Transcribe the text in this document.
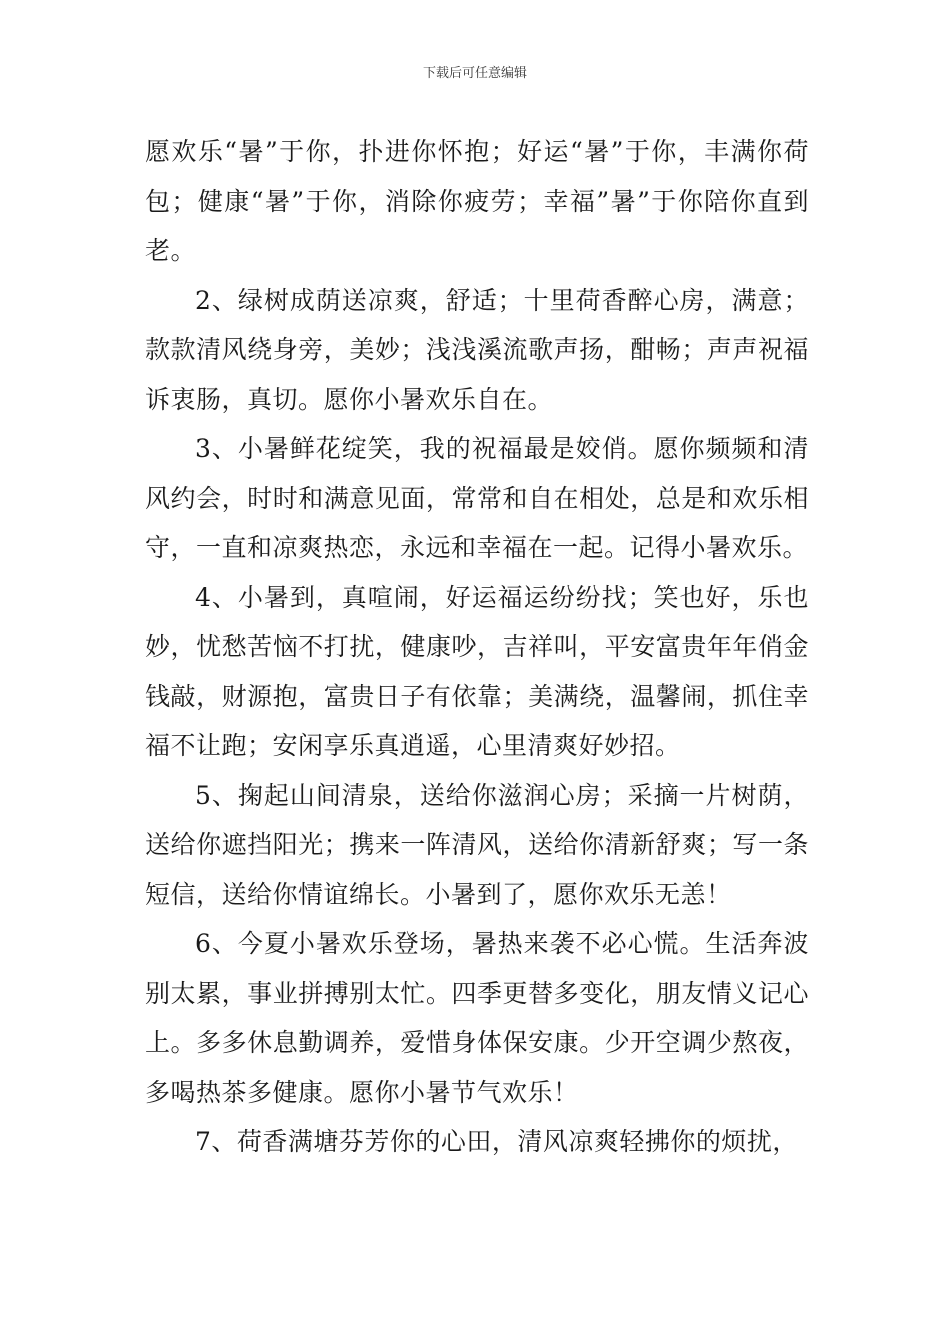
下载后可任意编辑

愿欢乐“暑”于你，扑进你怀抱；好运“暑”于你，丰满你荷包；健康“暑”于你，消除你疲劳；幸福”暑”于你陪你直到老。

2、绿树成荫送凉爽，舒适；十里荷香醉心房，满意；款款清风绕身旁，美妙；浅浅溪流歌声扬，酣畅；声声祝福诉衷肠，真切。愿你小暑欢乐自在。

3、小暑鲜花绽笑，我的祝福最是姣俏。愿你频频和清风约会，时时和满意见面，常常和自在相处，总是和欢乐相守，一直和凉爽热恋，永远和幸福在一起。记得小暑欢乐。

4、小暑到，真喧闹，好运福运纷纷找；笑也好，乐也妙，忧愁苦恼不打扰，健康吵，吉祥叫，平安富贵年年俏金钱敲，财源抱，富贵日子有依靠；美满绕，温馨闹，抓住幸福不让跑；安闲享乐真逍遥，心里清爽好妙招。

5、掬起山间清泉，送给你滋润心房；采摘一片树荫，送给你遮挡阳光；携来一阵清风，送给你清新舒爽；写一条短信，送给你情谊绵长。小暑到了，愿你欢乐无恙！

6、今夏小暑欢乐登场，暑热来袭不必心慌。生活奔波别太累，事业拼搏别太忙。四季更替多变化，朋友情义记心上。多多休息勤调养，爱惜身体保安康。少开空调少熬夜，多喝热茶多健康。愿你小暑节气欢乐！

7、荷香满塘芬芳你的心田，清风凉爽轻拂你的烦扰，
